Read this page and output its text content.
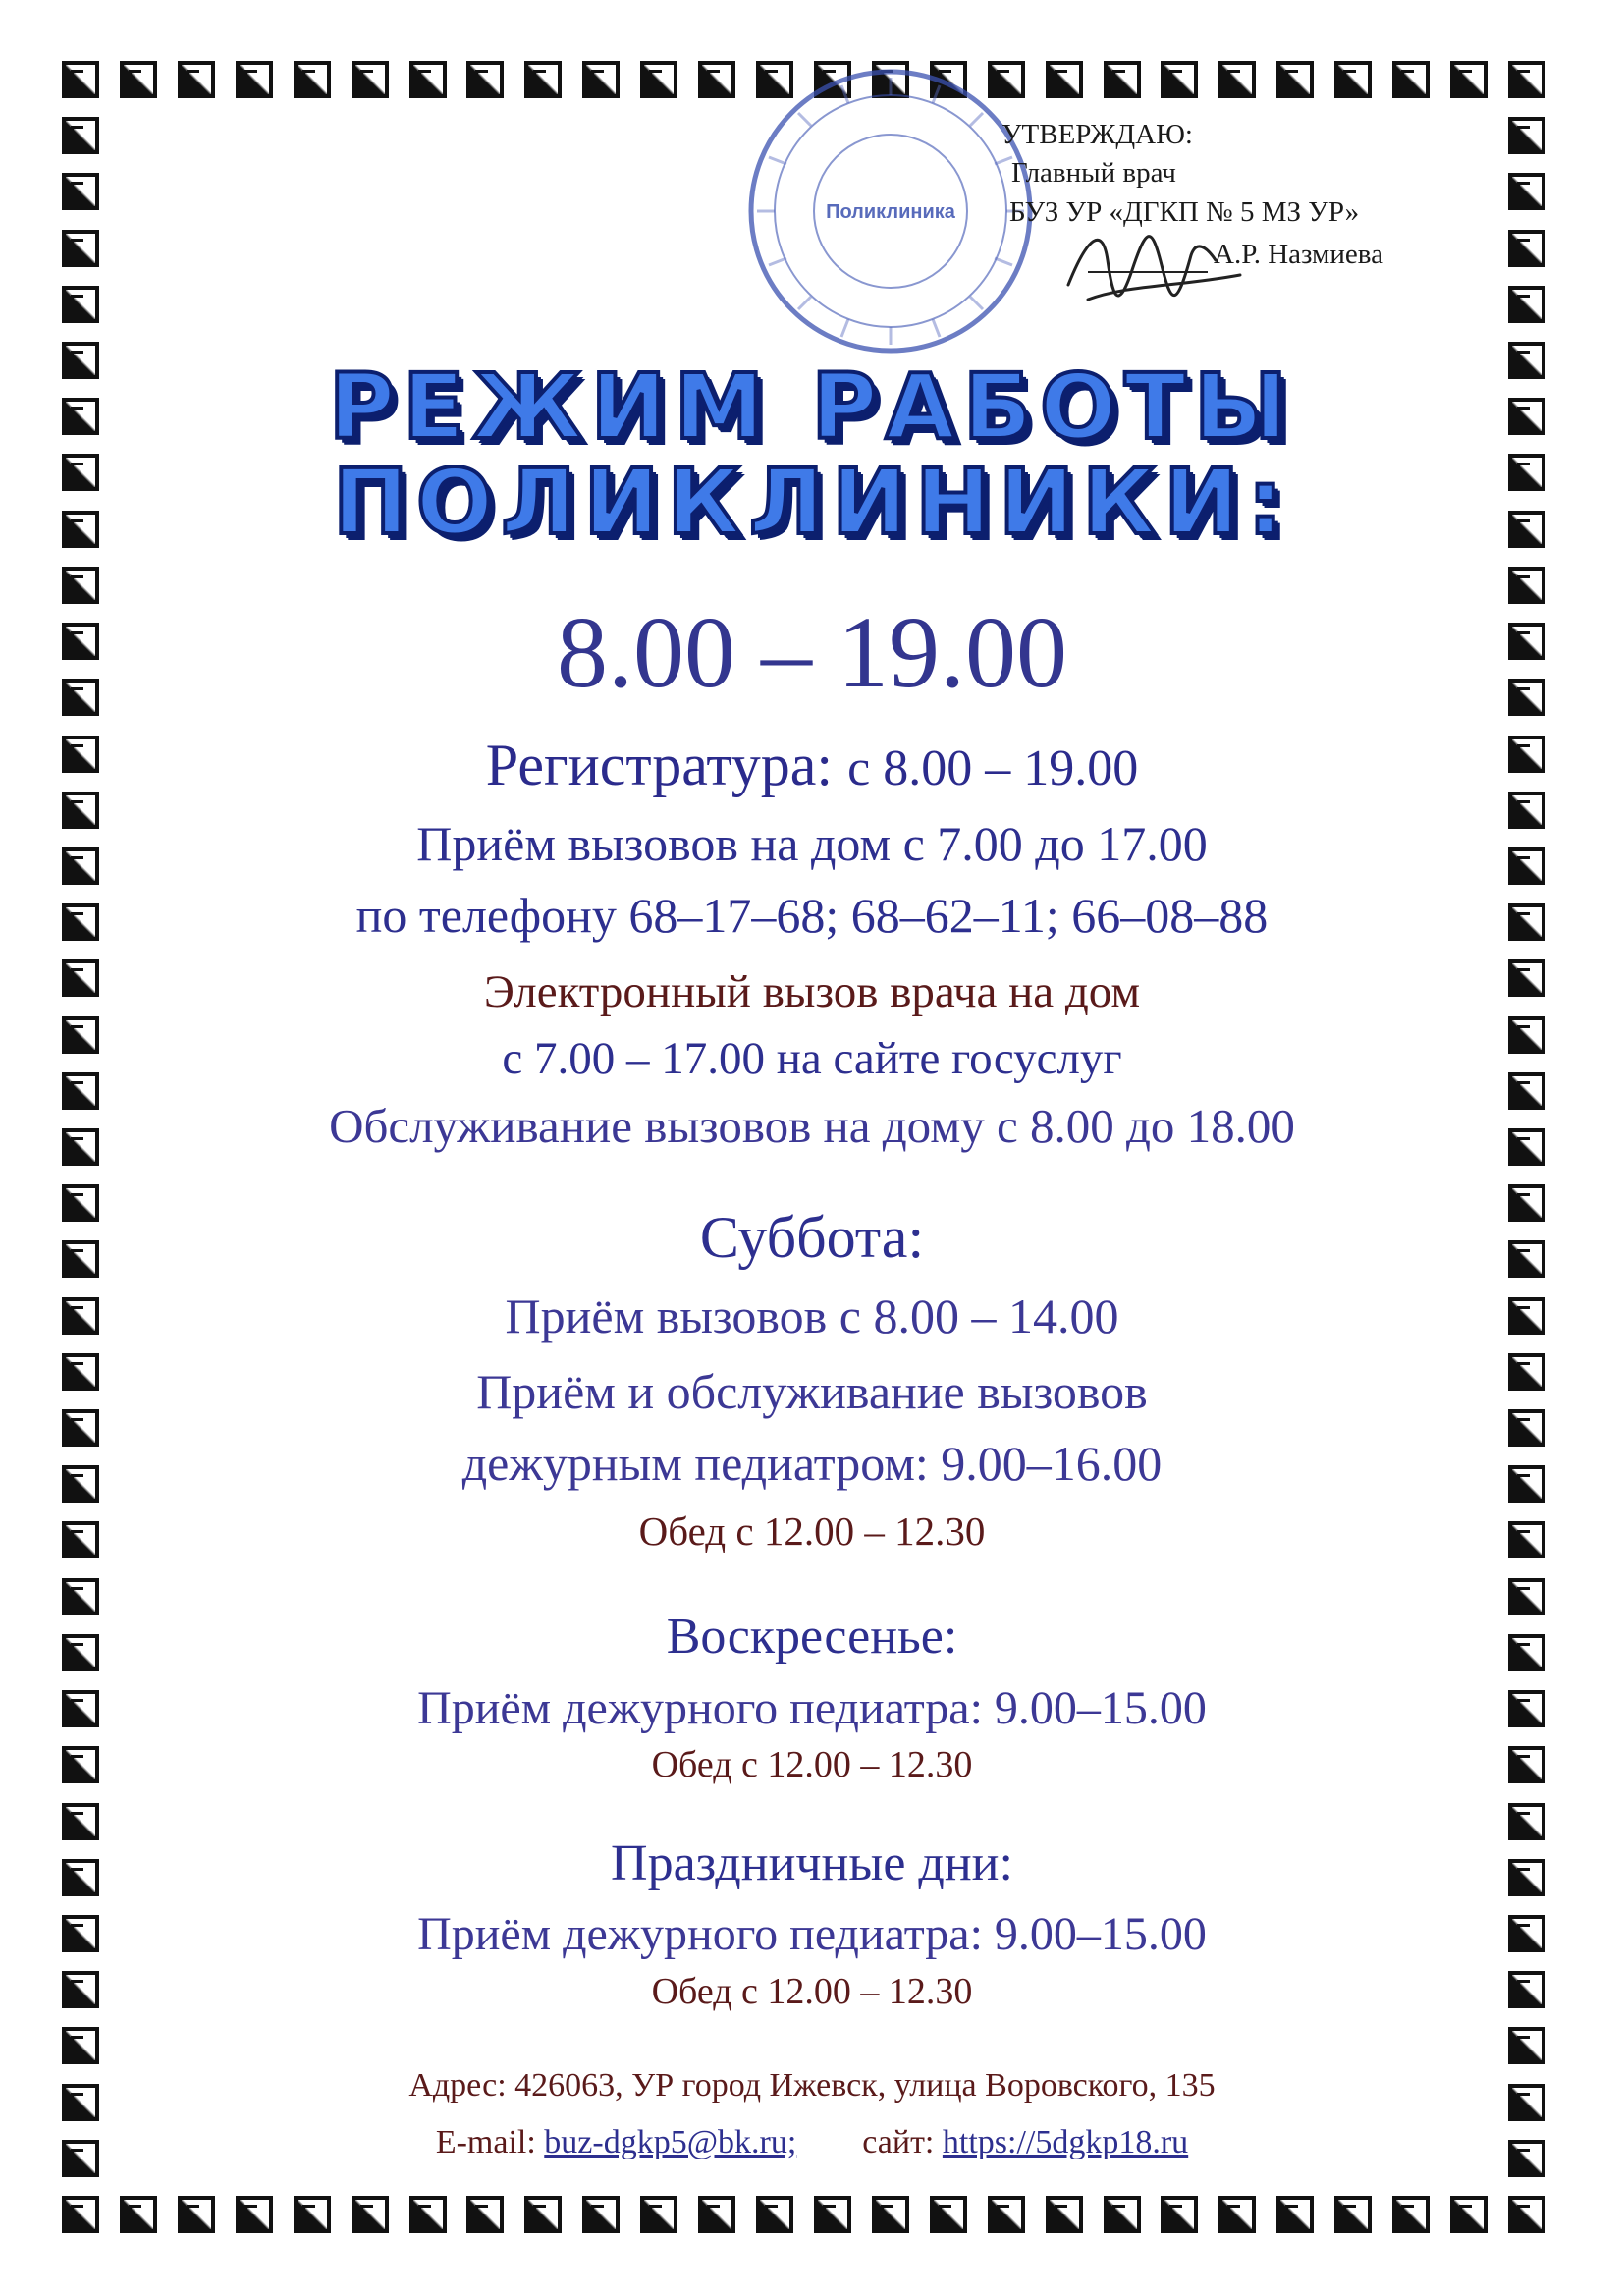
Поликлиника
УТВЕРЖДАЮ:
Главный врач
БУЗ УР «ДГКП № 5 МЗ УР»
А.Р. Назмиева
РЕЖИМ РАБОТЫ
ПОЛИКЛИНИКИ:
8.00 – 19.00
Регистратура: с 8.00 – 19.00
Приём вызовов на дом с 7.00 до 17.00
по телефону 68–17–68; 68–62–11; 66–08–88
Электронный вызов врача на дом
с 7.00 – 17.00 на сайте госуслуг
Обслуживание вызовов на дому с 8.00 до 18.00
Суббота:
Приём вызовов с 8.00 – 14.00
Приём и обслуживание вызовов
дежурным педиатром: 9.00–16.00
Обед с 12.00 – 12.30
Воскресенье:
Приём дежурного педиатра: 9.00–15.00
Обед с 12.00 – 12.30
Праздничные дни:
Приём дежурного педиатра: 9.00–15.00
Обед с 12.00 – 12.30
Адрес: 426063, УР город Ижевск, улица Воровского, 135
E-mail: buz-dgkp5@bk.ru; сайт: https://5dgkp18.ru
